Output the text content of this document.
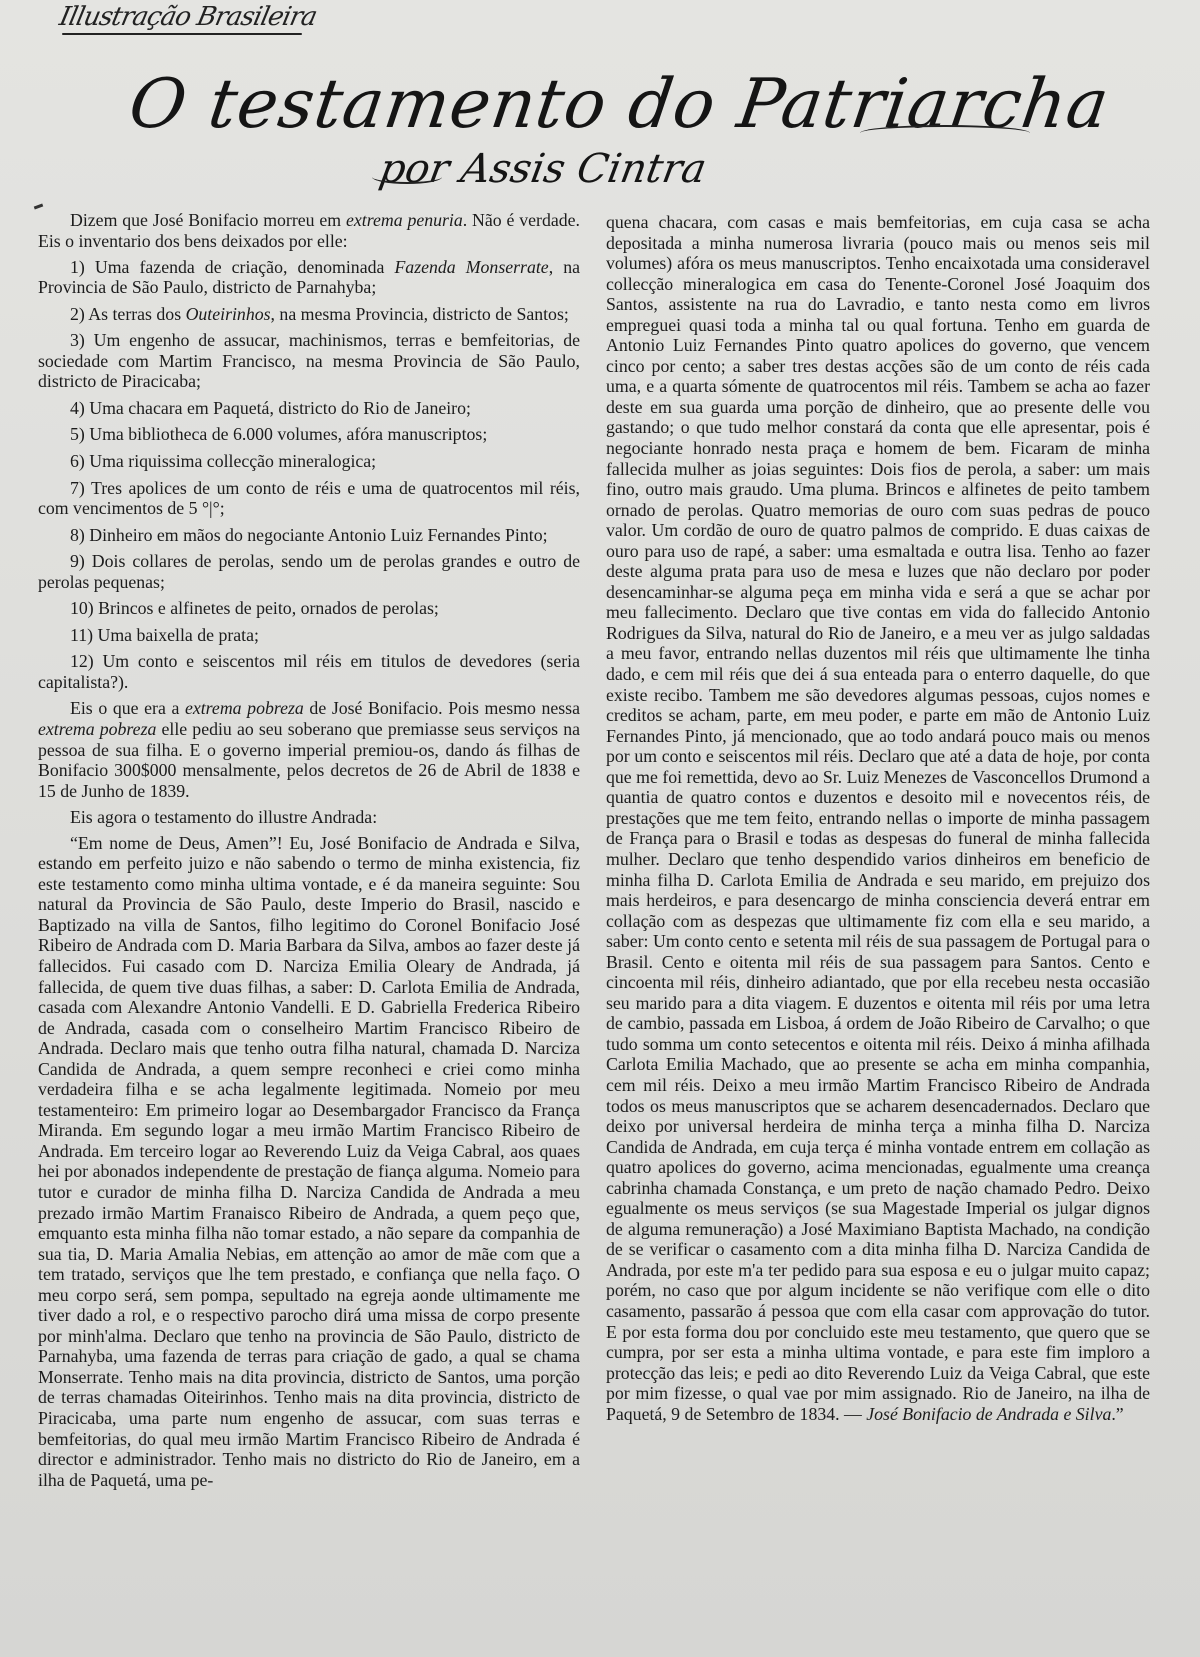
Illustração Brasileira
O testamento do Patriarcha
por Assis Cintra

Dizem que José Bonifacio morreu em extrema penuria. Não é verdade. Eis o inventario dos bens deixados por elle:

1) Uma fazenda de criação, denominada Fazenda Monserrate, na Provincia de São Paulo, districto de Parnahyba;

2) As terras dos Outeirinhos, na mesma Provincia, districto de Santos;

3) Um engenho de assucar, machinismos, terras e bemfeitorias, de sociedade com Martim Francisco, na mesma Provincia de São Paulo, districto de Piracicaba;

4) Uma chacara em Paquetá, districto do Rio de Janeiro;

5) Uma bibliotheca de 6.000 volumes, afóra manuscriptos;

6) Uma riquissima collecção mineralogica;

7) Tres apolices de um conto de réis e uma de quatrocentos mil réis, com vencimentos de 5 °|°;

8) Dinheiro em mãos do negociante Antonio Luiz Fernandes Pinto;

9) Dois collares de perolas, sendo um de perolas grandes e outro de perolas pequenas;

10) Brincos e alfinetes de peito, ornados de perolas;

11) Uma baixella de prata;

12) Um conto e seiscentos mil réis em titulos de devedores (seria capitalista?).

Eis o que era a extrema pobreza de José Bonifacio. Pois mesmo nessa extrema pobreza elle pediu ao seu soberano que premiasse seus serviços na pessoa de sua filha. E o governo imperial premiou-os, dando ás filhas de Bonifacio 300$000 mensalmente, pelos decretos de 26 de Abril de 1838 e 15 de Junho de 1839.

Eis agora o testamento do illustre Andrada:

“Em nome de Deus, Amen”! Eu, José Bonifacio de Andrada e Silva, estando em perfeito juizo e não sabendo o termo de minha existencia, fiz este testamento como minha ultima vontade, e é da maneira seguinte: Sou natural da Provincia de São Paulo, deste Imperio do Brasil, nascido e Baptizado na villa de Santos, filho legitimo do Coronel Bonifacio José Ribeiro de Andrada com D. Maria Barbara da Silva, ambos ao fazer deste já fallecidos. Fui casado com D. Narciza Emilia Oleary de Andrada, já fallecida, de quem tive duas filhas, a saber: D. Carlota Emilia de Andrada, casada com Alexandre Antonio Vandelli. E D. Gabriella Frederica Ribeiro de Andrada, casada com o conselheiro Martim Francisco Ribeiro de Andrada. Declaro mais que tenho outra filha natural, chamada D. Narciza Candida de Andrada, a quem sempre reconheci e criei como minha verdadeira filha e se acha legalmente legitimada. Nomeio por meu testamenteiro: Em primeiro logar ao Desembargador Francisco da França Miranda. Em segundo logar a meu irmão Martim Francisco Ribeiro de Andrada. Em terceiro logar ao Reverendo Luiz da Veiga Cabral, aos quaes hei por abonados independente de prestação de fiança alguma. Nomeio para tutor e curador de minha filha D. Narciza Candida de Andrada a meu prezado irmão Martim Franaisco Ribeiro de Andrada, a quem peço que, emquanto esta minha filha não tomar estado, a não separe da companhia de sua tia, D. Maria Amalia Nebias, em attenção ao amor de mãe com que a tem tratado, serviços que lhe tem prestado, e confiança que nella faço. O meu corpo será, sem pompa, sepultado na egreja aonde ultimamente me tiver dado a rol, e o respectivo parocho dirá uma missa de corpo presente por minh'alma. Declaro que tenho na provincia de São Paulo, districto de Parnahyba, uma fazenda de terras para criação de gado, a qual se chama Monserrate. Tenho mais na dita provincia, districto de Santos, uma porção de terras chamadas Oiteirinhos. Tenho mais na dita provincia, districto de Piracicaba, uma parte num engenho de assucar, com suas terras e bemfeitorias, do qual meu irmão Martim Francisco Ribeiro de Andrada é director e administrador. Tenho mais no districto do Rio de Janeiro, em a ilha de Paquetá, uma pe-

quena chacara, com casas e mais bemfeitorias, em cuja casa se acha depositada a minha numerosa livraria (pouco mais ou menos seis mil volumes) afóra os meus manuscriptos. Tenho encaixotada uma consideravel collecção mineralogica em casa do Tenente-Coronel José Joaquim dos Santos, assistente na rua do Lavradio, e tanto nesta como em livros empreguei quasi toda a minha tal ou qual fortuna. Tenho em guarda de Antonio Luiz Fernandes Pinto quatro apolices do governo, que vencem cinco por cento; a saber tres destas acções são de um conto de réis cada uma, e a quarta sómente de quatrocentos mil réis. Tambem se acha ao fazer deste em sua guarda uma porção de dinheiro, que ao presente delle vou gastando; o que tudo melhor constará da conta que elle apresentar, pois é negociante honrado nesta praça e homem de bem. Ficaram de minha fallecida mulher as joias seguintes: Dois fios de perola, a saber: um mais fino, outro mais graudo. Uma pluma. Brincos e alfinetes de peito tambem ornado de perolas. Quatro memorias de ouro com suas pedras de pouco valor. Um cordão de ouro de quatro palmos de comprido. E duas caixas de ouro para uso de rapé, a saber: uma esmaltada e outra lisa. Tenho ao fazer deste alguma prata para uso de mesa e luzes que não declaro por poder desencaminhar-se alguma peça em minha vida e será a que se achar por meu fallecimento. Declaro que tive contas em vida do fallecido Antonio Rodrigues da Silva, natural do Rio de Janeiro, e a meu ver as julgo saldadas a meu favor, entrando nellas duzentos mil réis que ultimamente lhe tinha dado, e cem mil réis que dei á sua enteada para o enterro daquelle, do que existe recibo. Tambem me são devedores algumas pessoas, cujos nomes e creditos se acham, parte, em meu poder, e parte em mão de Antonio Luiz Fernandes Pinto, já mencionado, que ao todo andará pouco mais ou menos por um conto e seiscentos mil réis. Declaro que até a data de hoje, por conta que me foi remettida, devo ao Sr. Luiz Menezes de Vasconcellos Drumond a quantia de quatro contos e duzentos e desoito mil e novecentos réis, de prestações que me tem feito, entrando nellas o importe de minha passagem de França para o Brasil e todas as despesas do funeral de minha fallecida mulher. Declaro que tenho despendido varios dinheiros em beneficio de minha filha D. Carlota Emilia de Andrada e seu marido, em prejuizo dos mais herdeiros, e para desencargo de minha consciencia deverá entrar em collação com as despezas que ultimamente fiz com ella e seu marido, a saber: Um conto cento e setenta mil réis de sua passagem de Portugal para o Brasil. Cento e oitenta mil réis de sua passagem para Santos. Cento e cincoenta mil réis, dinheiro adiantado, que por ella recebeu nesta occasião seu marido para a dita viagem. E duzentos e oitenta mil réis por uma letra de cambio, passada em Lisboa, á ordem de João Ribeiro de Carvalho; o que tudo somma um conto setecentos e oitenta mil réis. Deixo á minha afilhada Carlota Emilia Machado, que ao presente se acha em minha companhia, cem mil réis. Deixo a meu irmão Martim Francisco Ribeiro de Andrada todos os meus manuscriptos que se acharem desencadernados. Declaro que deixo por universal herdeira de minha terça a minha filha D. Narciza Candida de Andrada, em cuja terça é minha vontade entrem em collação as quatro apolices do governo, acima mencionadas, egualmente uma creança cabrinha chamada Constança, e um preto de nação chamado Pedro. Deixo egualmente os meus serviços (se sua Magestade Imperial os julgar dignos de alguma remuneração) a José Maximiano Baptista Machado, na condição de se verificar o casamento com a dita minha filha D. Narciza Candida de Andrada, por este m'a ter pedido para sua esposa e eu o julgar muito capaz; porém, no caso que por algum incidente se não verifique com elle o dito casamento, passarão á pessoa que com ella casar com approvação do tutor. E por esta forma dou por concluido este meu testamento, que quero que se cumpra, por ser esta a minha ultima vontade, e para este fim imploro a protecção das leis; e pedi ao dito Reverendo Luiz da Veiga Cabral, que este por mim fizesse, o qual vae por mim assignado. Rio de Janeiro, na ilha de Paquetá, 9 de Setembro de 1834. — José Bonifacio de Andrada e Silva.”
